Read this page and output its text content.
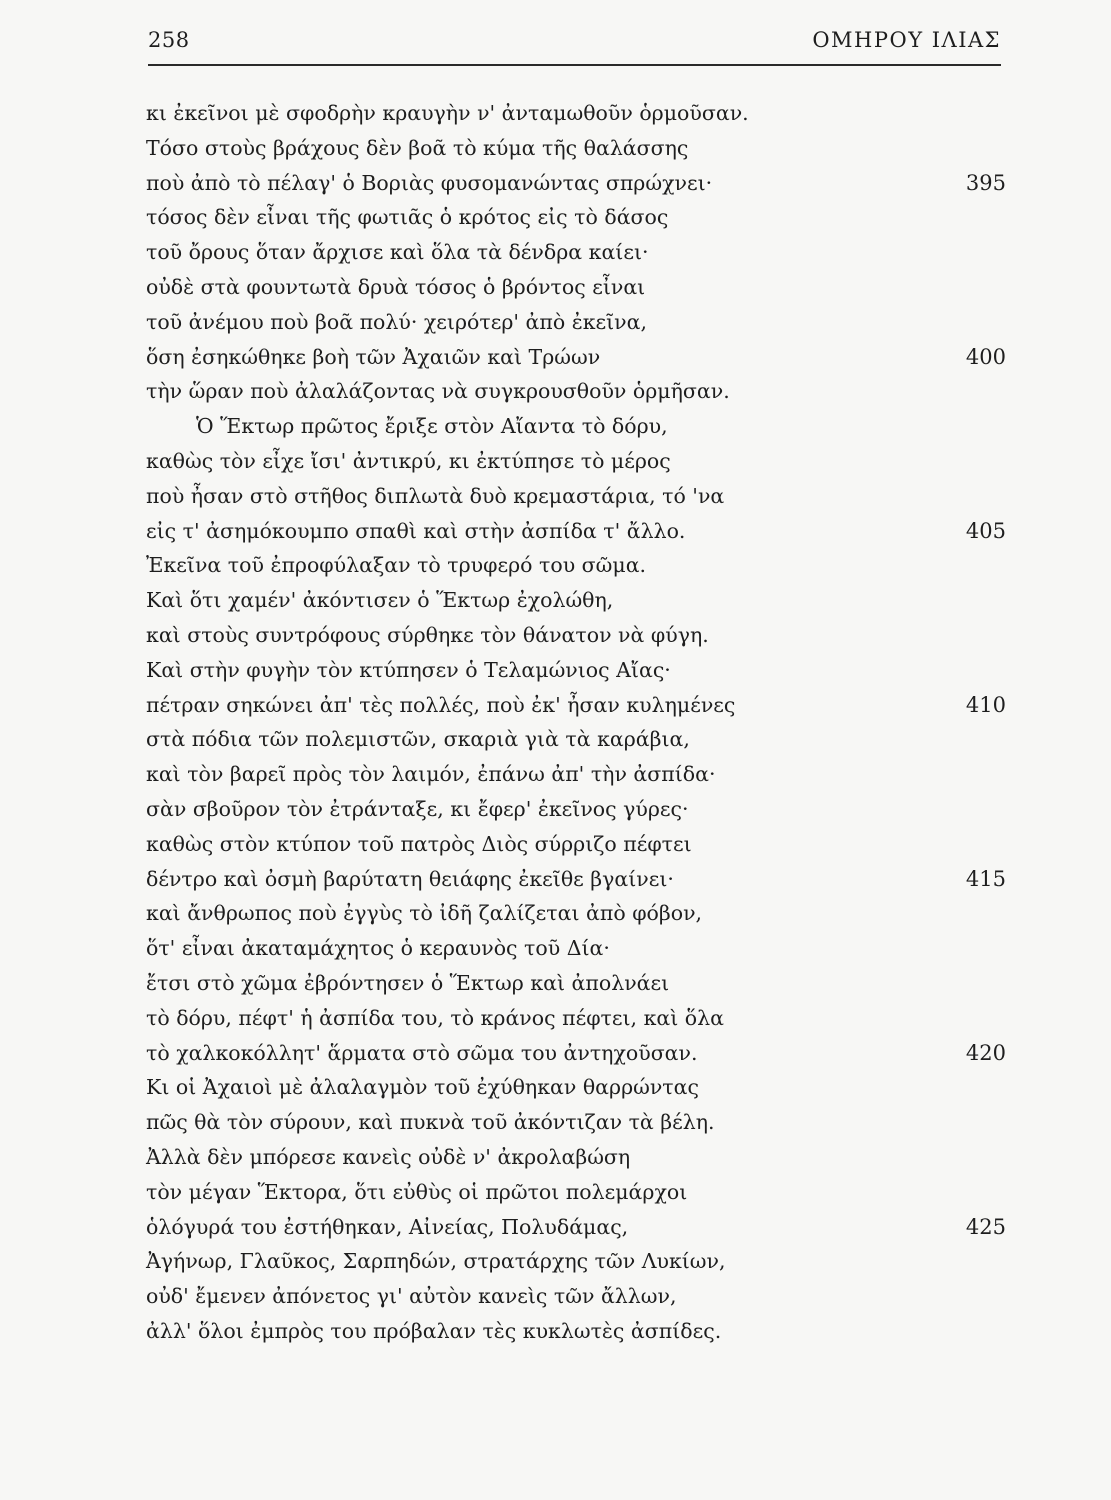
258	ΟΜΗΡΟΥ ΙΛΙΑΣ
κι ἐκεῖνοι μὲ σφοδρὴν κραυγὴν ν' ἀνταμωθοῦν ὁρμοῦσαν.
Τόσο στοὺς βράχους δὲν βοᾶ τὸ κύμα τῆς θαλάσσης
ποὺ ἀπὸ τὸ πέλαγ' ὁ Βοριὰς φυσομανώντας σπρώχνει·	395
τόσος δὲν εἶναι τῆς φωτιᾶς ὁ κρότος εἰς τὸ δάσος
τοῦ ὄρους ὅταν ἄρχισε καὶ ὅλα τὰ δένδρα καίει·
οὐδὲ στὰ φουντωτὰ δρυὰ τόσος ὁ βρόντος εἶναι
τοῦ ἀνέμου ποὺ βοᾶ πολύ· χειρότερ' ἀπὸ ἐκεῖνα,
ὅση ἐσηκώθηκε βοὴ τῶν Ἀχαιῶν καὶ Τρώων	400
τὴν ὥραν ποὺ ἀλαλάζοντας νὰ συγκρουσθοῦν ὁρμῆσαν.
Ὁ Ἕκτωρ πρῶτος ἔριξε στὸν Αἴαντα τὸ δόρυ,
καθὼς τὸν εἶχε ἴσι' ἀντικρύ, κι ἐκτύπησε τὸ μέρος
ποὺ ἦσαν στὸ στῆθος διπλωτὰ δυὸ κρεμαστάρια, τό 'να
εἰς τ' ἀσημόκουμπο σπαθὶ καὶ στὴν ἀσπίδα τ' ἄλλο.	405
Ἐκεῖνα τοῦ ἐπροφύλαξαν τὸ τρυφερό του σῶμα.
Καὶ ὅτι χαμέν' ἀκόντισεν ὁ Ἕκτωρ ἐχολώθη,
καὶ στοὺς συντρόφους σύρθηκε τὸν θάνατον νὰ φύγη.
Καὶ στὴν φυγὴν τὸν κτύπησεν ὁ Τελαμώνιος Αἴας·
πέτραν σηκώνει ἀπ' τὲς πολλές, ποὺ ἐκ' ἦσαν κυλημένες	410
στὰ πόδια τῶν πολεμιστῶν, σκαριὰ γιὰ τὰ καράβια,
καὶ τὸν βαρεῖ πρὸς τὸν λαιμόν, ἐπάνω ἀπ' τὴν ἀσπίδα·
σὰν σβοῦρον τὸν ἐτράνταξε, κι ἔφερ' ἐκεῖνος γύρες·
καθὼς στὸν κτύπον τοῦ πατρὸς Διὸς σύρριζο πέφτει
δέντρο καὶ ὀσμὴ βαρύτατη θειάφης ἐκεῖθε βγαίνει·	415
καὶ ἄνθρωπος ποὺ ἐγγὺς τὸ ἰδῆ ζαλίζεται ἀπὸ φόβον,
ὅτ' εἶναι ἀκαταμάχητος ὁ κεραυνὸς τοῦ Δία·
ἔτσι στὸ χῶμα ἐβρόντησεν ὁ Ἕκτωρ καὶ ἀπολνάει
τὸ δόρυ, πέφτ' ἡ ἀσπίδα του, τὸ κράνος πέφτει, καὶ ὅλα
τὸ χαλκοκόλλητ' ἅρματα στὸ σῶμα του ἀντηχοῦσαν.	420
Κι οἱ Ἀχαιοὶ μὲ ἀλαλαγμὸν τοῦ ἐχύθηκαν θαρρώντας
πῶς θὰ τὸν σύρουν, καὶ πυκνὰ τοῦ ἀκόντιζαν τὰ βέλη.
Ἀλλὰ δὲν μπόρεσε κανεὶς οὐδὲ ν' ἀκρολαβώση
τὸν μέγαν Ἕκτορα, ὅτι εὐθὺς οἱ πρῶτοι πολεμάρχοι
ὁλόγυρά του ἐστήθηκαν, Αἰνείας, Πολυδάμας,	425
Ἀγήνωρ, Γλαῦκος, Σαρπηδών, στρατάρχης τῶν Λυκίων,
οὐδ' ἔμενεν ἀπόνετος γι' αὐτὸν κανεὶς τῶν ἄλλων,
ἀλλ' ὅλοι ἐμπρὸς του πρόβαλαν τὲς κυκλωτὲς ἀσπίδες.
